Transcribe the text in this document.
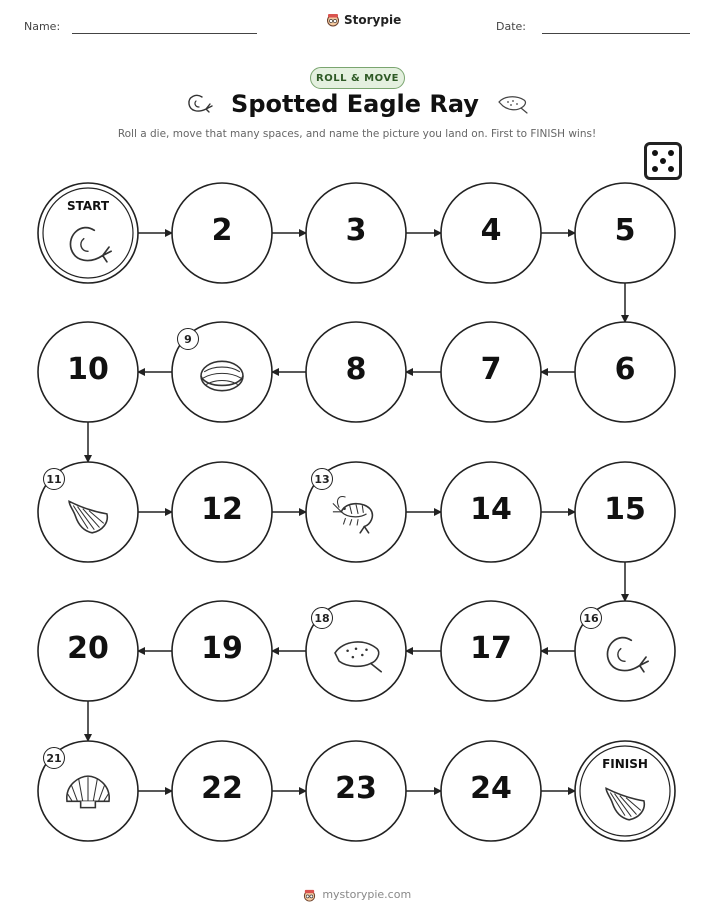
Name:	Storypie	Date:
ROLL & MOVE
Spotted Eagle Ray
Roll a die, move that many spaces, and name the picture you land on. First to FINISH wins!
START
2	3	4	5
6
7
8
9
10
11
12
13
14	15
16
17
18
19
20
21
22	23	24
FINISH
mystorypie.com
